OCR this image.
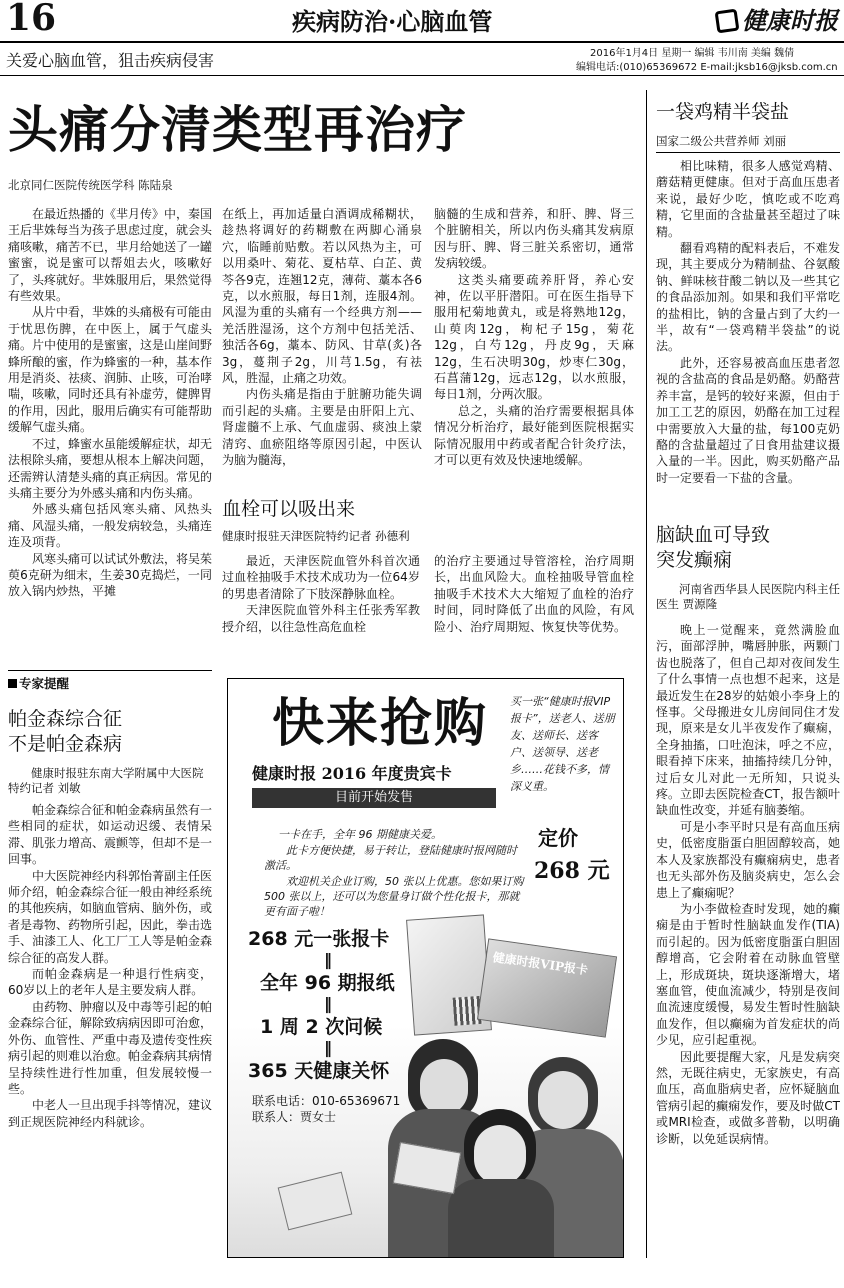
16	疾病防治·心脑血管	健康时报
关爱心脑血管，狙击疾病侵害	2016年1月4日 星期一 编辑 韦川南 美编 魏倩
编辑电话:(010)65369672 E-mail:jksb16@jksb.com.cn
头痛分清类型再治疗
北京同仁医院传统医学科 陈陆泉

在最近热播的《芈月传》中，秦国王后芈姝每当为孩子思虑过度，就会头痛咳嗽，痛苦不已，芈月给她送了一罐蜜蜜，说是蜜可以帮姐去火，咳嗽好了，头疼就好。芈姝服用后，果然觉得有些效果。

从片中看，芈姝的头痛极有可能由于忧思伤脾，在中医上，属于气虚头痛。片中使用的是蜜蜜，这是山崖间野蜂所酿的蜜，作为蜂蜜的一种，基本作用是消炎、祛痰、润肺、止咳，可治哮喘，咳嗽，同时还具有补虚劳，健脾胃的作用，因此，服用后确实有可能帮助缓解气虚头痛。

不过，蜂蜜水虽能缓解症状，却无法根除头痛，要想从根本上解决问题，还需辨认清楚头痛的真正病因。常见的头痛主要分为外感头痛和内伤头痛。

外感头痛包括风寒头痛、风热头痛、风湿头痛，一般发病较急，头痛连连及项背。

风寒头痛可以试试外敷法，将吴茱萸6克研为细末，生姜30克捣烂，一同放入锅内炒热，平摊

在纸上，再加适量白酒调成稀糊状，趁热将调好的药糊敷在两脚心涌泉穴，临睡前贴敷。若以风热为主，可以用桑叶、菊花、夏枯草、白芷、黄芩各9克，连翘12克，薄荷、藁本各6克，以水煎服，每日1剂，连服4剂。风湿为重的头痛有一个经典方剂——羌活胜湿汤，这个方剂中包括羌活、独活各6g，藁本、防风、甘草(炙)各3g，蔓荆子2g，川芎1.5g，有祛风，胜湿，止痛之功效。

内伤头痛是指由于脏腑功能失调而引起的头痛。主要是由肝阳上亢、肾虚髓不上承、气血虚弱、痰浊上蒙清窍、血瘀阻络等原因引起，中医认为脑为髓海，

脑髓的生成和营养，和肝、脾、肾三个脏腑相关，所以内伤头痛其发病原因与肝、脾、肾三脏关系密切，通常发病较缓。

这类头痛要疏养肝肾，养心安神，佐以平肝潜阳。可在医生指导下服用杞菊地黄丸，或是将熟地12g，山萸肉12g，枸杞子15g，菊花12g，白芍12g，丹皮9g，天麻12g，生石决明30g，炒枣仁30g，石菖蒲12g，远志12g，以水煎服，每日1剂，分两次服。

总之，头痛的治疗需要根据具体情况分析治疗，最好能到医院根据实际情况服用中药或者配合针灸疗法，才可以更有效及快速地缓解。

血栓可以吸出来
健康时报驻天津医院特约记者 孙德利

最近，天津医院血管外科首次通过血栓抽吸手术技术成功为一位64岁的男患者清除了下肢深静脉血栓。

天津医院血管外科主任张秀军教授介绍，以往急性高危血栓

的治疗主要通过导管溶栓，治疗周期长，出血风险大。血栓抽吸导管血栓抽吸手术技术大大缩短了血栓的治疗时间，同时降低了出血的风险，有风险小、治疗周期短、恢复快等优势。

专家提醒
帕金森综合征
不是帕金森病
健康时报驻东南大学附属中大医院特约记者 刘敏

帕金森综合征和帕金森病虽然有一些相同的症状，如运动迟缓、表情呆滞、肌张力增高、震颤等，但却不是一回事。

中大医院神经内科郭怡菁副主任医师介绍，帕金森综合征一般由神经系统的其他疾病，如脑血管病、脑外伤，或者是毒物、药物所引起，因此，拳击选手、油漆工人、化工厂工人等是帕金森综合征的高发人群。

而帕金森病是一种退行性病变，60岁以上的老年人是主要发病人群。

由药物、肿瘤以及中毒等引起的帕金森综合征，解除致病病因即可治愈，外伤、血管性、严重中毒及遗传变性疾病引起的则难以治愈。帕金森病其病情呈持续性进行性加重，但发展较慢一些。

中老人一旦出现手抖等情况，建议到正规医院神经内科就诊。

快来抢购
健康时报 2016 年度贵宾卡
目前开始发售
买一张“健康时报VIP报卡”，送老人、送朋友、送师长、送客户、送领导、送老乡……花钱不多，情深义重。
一卡在手，全年 96 期健康关爱。
此卡方便快捷，易于转让，登陆健康时报网随时激活。
欢迎机关企业订购，50 张以上优惠。您如果订购 500 张以上，还可以为您量身订做个性化报卡，那就更有面子啦！
定价
268 元
268 元一张报卡
‖
全年 96 期报纸
‖
1 周 2 次问候
‖
365 天健康关怀
联系电话：010-65369671
联系人：贾女士
健康时报VIP报卡
一袋鸡精半袋盐
国家二级公共营养师 刘丽

相比味精，很多人感觉鸡精、蘑菇精更健康。但对于高血压患者来说，最好少吃，慎吃或不吃鸡精，它里面的含盐量甚至超过了味精。

翻看鸡精的配料表后，不难发现，其主要成分为精制盐、谷氨酸钠、鲜味核苷酸二钠以及一些其它的食品添加剂。如果和我们平常吃的盐相比，钠的含量占到了大约一半，故有“一袋鸡精半袋盐”的说法。

此外，还容易被高血压患者忽视的含盐高的食品是奶酪。奶酪营养丰富，是钙的较好来源，但由于加工工艺的原因，奶酪在加工过程中需要放入大量的盐，每100克奶酪的含盐量超过了日食用盐建议摄入量的一半。因此，购买奶酪产品时一定要看一下盐的含量。

脑缺血可导致
突发癫痫
河南省西华县人民医院内科主任医生 贾源隆

晚上一觉醒来，竟然满脸血污，面部浮肿，嘴唇肿胀，两颗门齿也脱落了，但自己却对夜间发生了什么事情一点也想不起来，这是最近发生在28岁的姑娘小李身上的怪事。父母搬进女儿房间同住才发现，原来是女儿半夜发作了癫痫，全身抽搐，口吐泡沫，呼之不应，眼看掉下床来，抽搐持续几分钟，过后女儿对此一无所知，只说头疼。立即去医院检查CT，报告额叶缺血性改变，并延有脑萎缩。

可是小李平时只是有高血压病史，低密度脂蛋白胆固醇较高，她本人及家族都没有癫痫病史，患者也无头部外伤及脑炎病史，怎么会患上了癫痫呢？

为小李做检查时发现，她的癫痫是由于暂时性脑缺血发作(TIA)而引起的。因为低密度脂蛋白胆固醇增高，它会附着在动脉血管壁上，形成斑块，斑块逐渐增大，堵塞血管，使血流减少，特别是夜间血流速度缓慢，易发生暂时性脑缺血发作，但以癫痫为首发症状的尚少见，应引起重视。

因此要提醒大家，凡是发病突然，无既往病史，无家族史，有高血压，高血脂病史者，应怀疑脑血管病引起的癫痫发作，要及时做CT或MRI检查，或做多普勒，以明确诊断，以免延误病情。
